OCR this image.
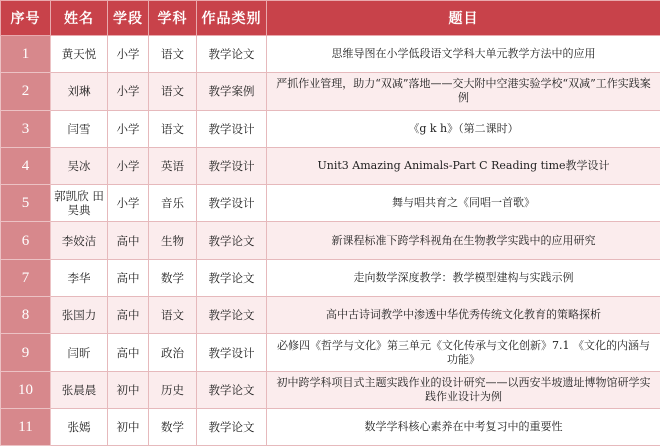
序号	姓名	学段	学科	作品类别	题目
1	黄天悦	小学	语文	教学论文	思维导图在小学低段语文学科大单元教学方法中的应用
2	刘琳	小学	语文	教学案例	严抓作业管理，助力“双减”落地——交大附中空港实验学校“双减”工作实践案例
3	闫雪	小学	语文	教学设计	《g k h》（第二课时）
4	吴冰	小学	英语	教学设计	Unit3 Amazing Animals-Part C Reading time教学设计
5	郭凯欣 田昊典	小学	音乐	教学设计	舞与唱共育之《同唱一首歌》
6	李姣洁	高中	生物	教学论文	新课程标准下跨学科视角在生物教学实践中的应用研究
7	李华	高中	数学	教学论文	走向数学深度教学：教学模型建构与实践示例
8	张国力	高中	语文	教学论文	高中古诗词教学中渗透中华优秀传统文化教育的策略探析
9	闫昕	高中	政治	教学设计	必修四《哲学与文化》第三单元《文化传承与文化创新》7.1 《文化的内涵与功能》
10	张晨晨	初中	历史	教学论文	初中跨学科项目式主题实践作业的设计研究——以西安半坡遗址博物馆研学实践作业设计为例
11	张嫣	初中	数学	教学论文	数学学科核心素养在中考复习中的重要性
